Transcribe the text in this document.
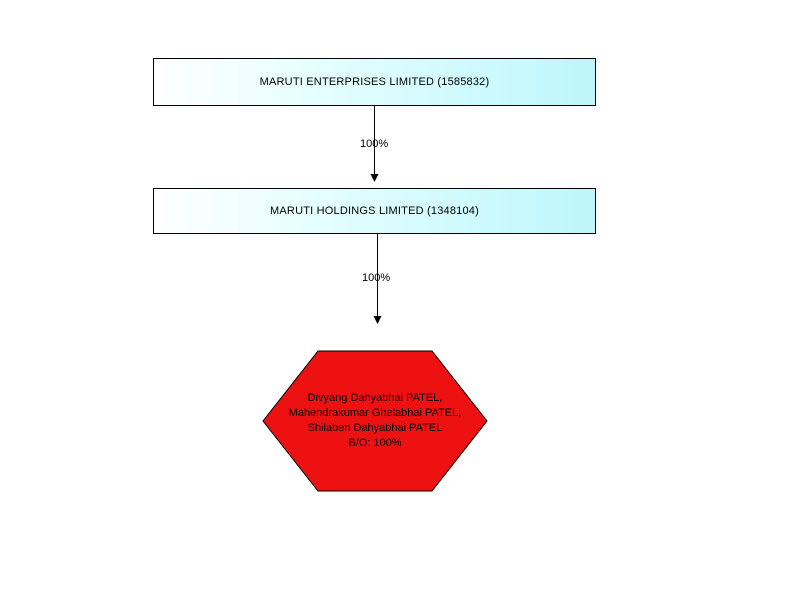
MARUTI ENTERPRISES LIMITED (1585832)
100%
MARUTI HOLDINGS LIMITED (1348104)
100%
Divyang Dahyabhai PATEL,
Mahendrakumar Ghelabhai PATEL,
Shilaben Dahyabhai PATEL
B/O: 100%
